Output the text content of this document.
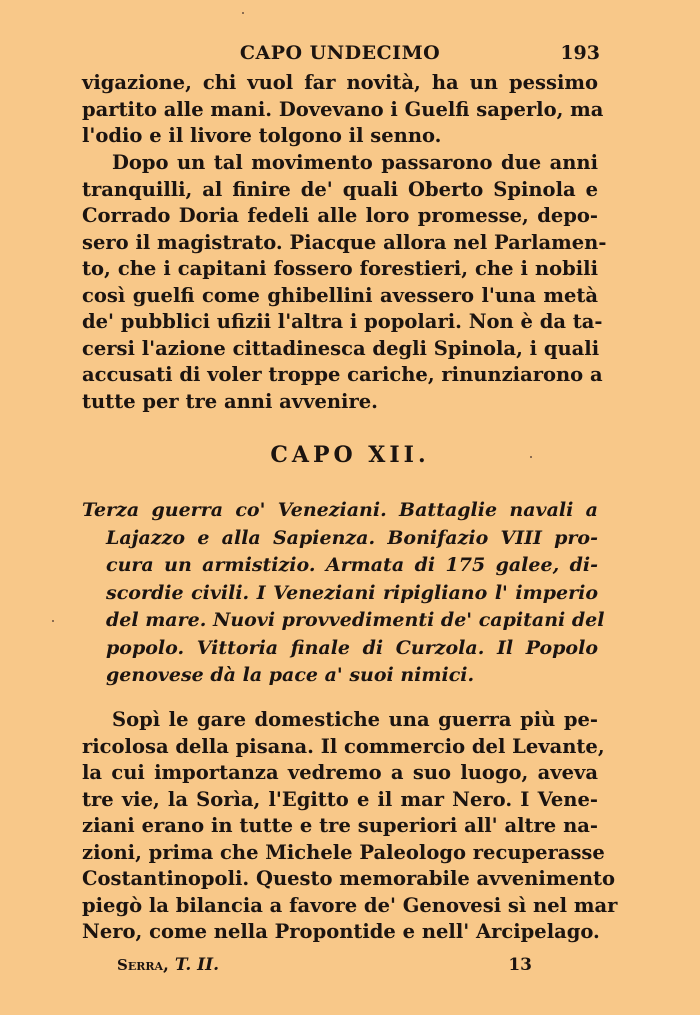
CAPO UNDECIMO	193
vigazione, chi vuol far novità, ha un pessimo
partito alle mani. Dovevano i Guelfi saperlo, ma
l'odio e il livore tolgono il senno.
Dopo un tal movimento passarono due anni
tranquilli, al finire de' quali Oberto Spinola e
Corrado Doria fedeli alle loro promesse, depo-
sero il magistrato. Piacque allora nel Parlamen-
to, che i capitani fossero forestieri, che i nobili
così guelfi come ghibellini avessero l'una metà
de' pubblici ufizii l'altra i popolari. Non è da ta-
cersi l'azione cittadinesca degli Spinola, i quali
accusati di voler troppe cariche, rinunziarono a
tutte per tre anni avvenire.
CAPO XII.
Terza guerra co' Veneziani. Battaglie navali a
Lajazzo e alla Sapienza. Bonifazio VIII pro-
cura un armistizio. Armata di 175 galee, di-
scordie civili. I Veneziani ripigliano l' imperio
del mare. Nuovi provvedimenti de' capitani del
popolo. Vittoria finale di Curzola. Il Popolo
genovese dà la pace a' suoi nimici.
Sopì le gare domestiche una guerra più pe-
ricolosa della pisana. Il commercio del Levante,
la cui importanza vedremo a suo luogo, aveva
tre vie, la Sorìa, l'Egitto e il mar Nero. I Vene-
ziani erano in tutte e tre superiori all' altre na-
zioni, prima che Michele Paleologo recuperasse
Costantinopoli. Questo memorabile avvenimento
piegò la bilancia a favore de' Genovesi sì nel mar
Nero, come nella Propontide e nell' Arcipelago.
Serra, T. II.	13
